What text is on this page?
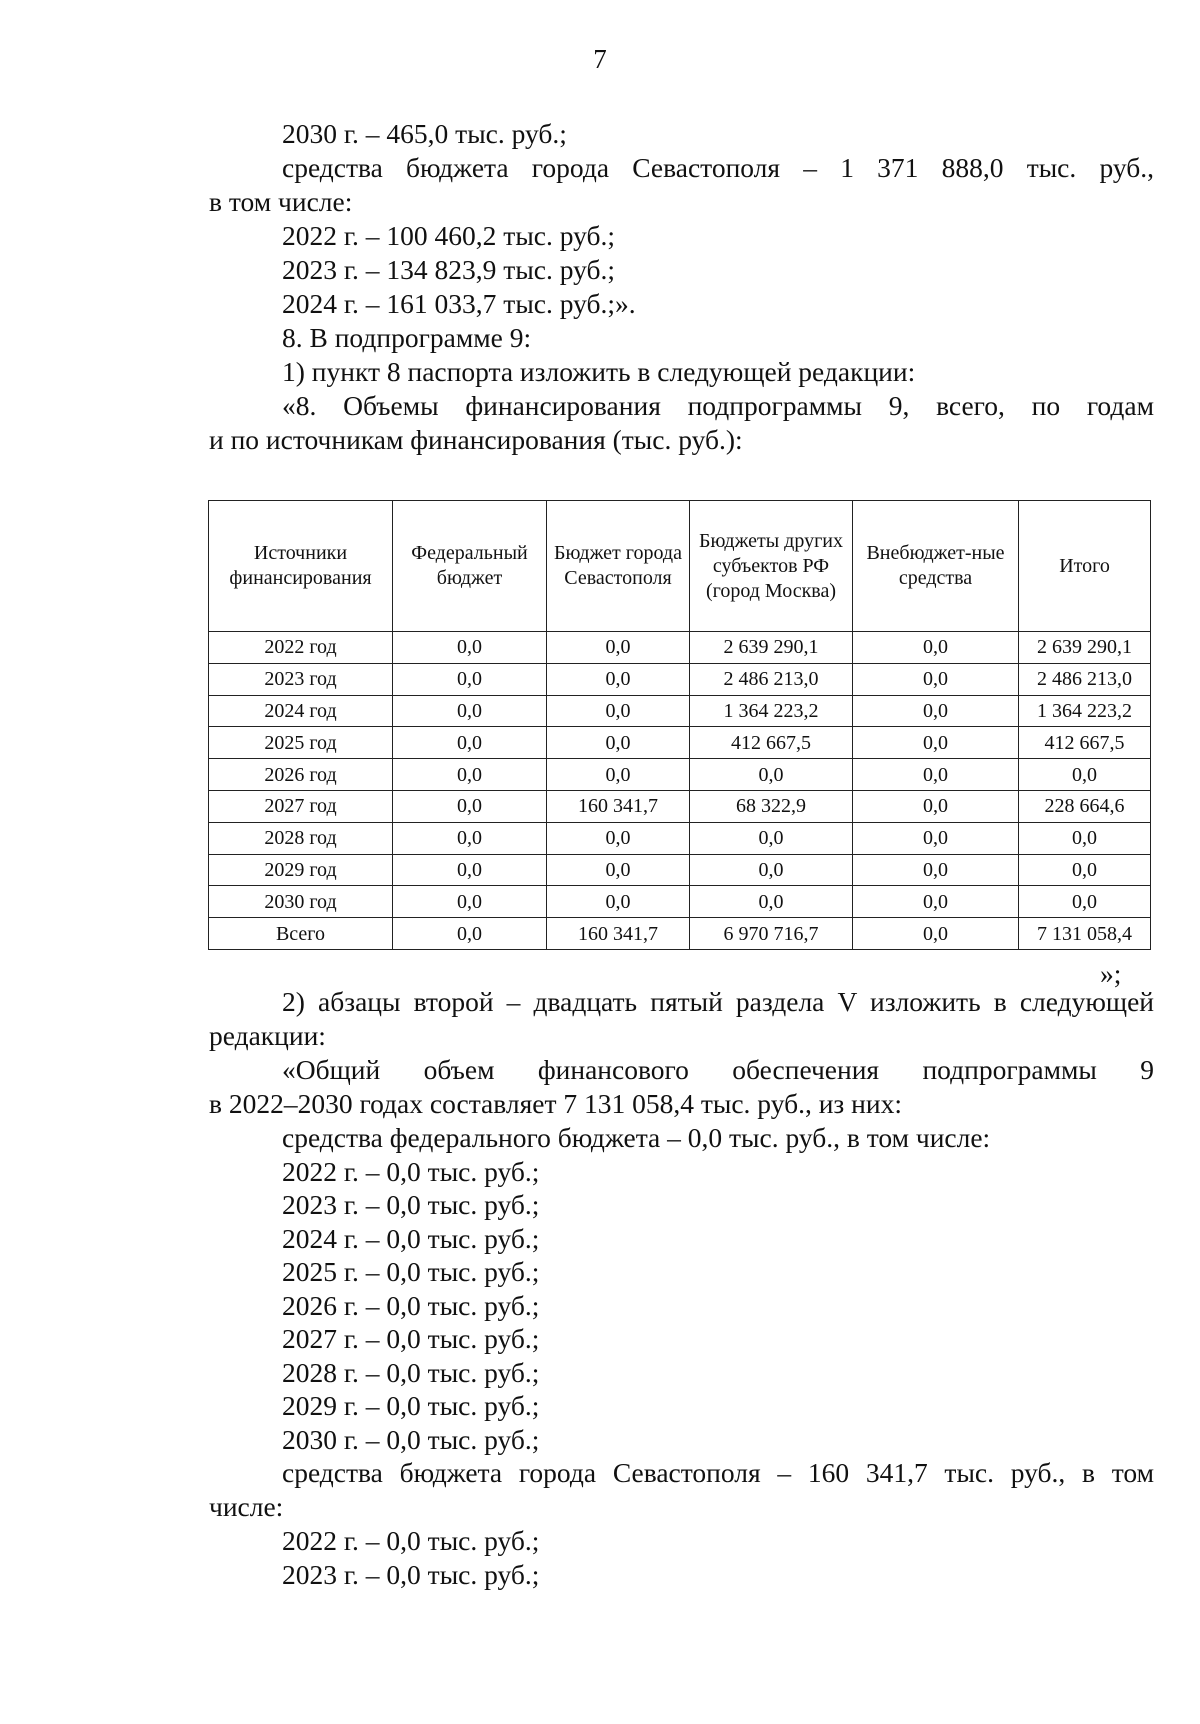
7

2030 г. – 465,0 тыс. руб.;

средства бюджета города Севастополя – 1 371 888,0 тыс. руб.,

в том числе:

2022 г. – 100 460,2 тыс. руб.;

2023 г. – 134 823,9 тыс. руб.;

2024 г. – 161 033,7 тыс. руб.;».

8. В подпрограмме 9:

1) пункт 8 паспорта изложить в следующей редакции:

«8. Объемы финансирования подпрограммы 9, всего, по годам

и по источникам финансирования (тыс. руб.):

Источники финансирования	Федеральный бюджет	Бюджет города Севастополя	Бюджеты других субъектов РФ (город Москва)	Внебюджет-ные средства	Итого
2022 год	0,0	0,0	2 639 290,1	0,0	2 639 290,1
2023 год	0,0	0,0	2 486 213,0	0,0	2 486 213,0
2024 год	0,0	0,0	1 364 223,2	0,0	1 364 223,2
2025 год	0,0	0,0	412 667,5	0,0	412 667,5
2026 год	0,0	0,0	0,0	0,0	0,0
2027 год	0,0	160 341,7	68 322,9	0,0	228 664,6
2028 год	0,0	0,0	0,0	0,0	0,0
2029 год	0,0	0,0	0,0	0,0	0,0
2030 год	0,0	0,0	0,0	0,0	0,0
Всего	0,0	160 341,7	6 970 716,7	0,0	7 131 058,4
»;

2) абзацы второй – двадцать пятый раздела V изложить в следующей

редакции:

«Общий объем финансового обеспечения подпрограммы 9

в 2022–2030 годах составляет 7 131 058,4 тыс. руб., из них:

средства федерального бюджета – 0,0 тыс. руб., в том числе:

2022 г. – 0,0 тыс. руб.;

2023 г. – 0,0 тыс. руб.;

2024 г. – 0,0 тыс. руб.;

2025 г. – 0,0 тыс. руб.;

2026 г. – 0,0 тыс. руб.;

2027 г. – 0,0 тыс. руб.;

2028 г. – 0,0 тыс. руб.;

2029 г. – 0,0 тыс. руб.;

2030 г. – 0,0 тыс. руб.;

средства бюджета города Севастополя – 160 341,7 тыс. руб., в том

числе:

2022 г. – 0,0 тыс. руб.;

2023 г. – 0,0 тыс. руб.;
